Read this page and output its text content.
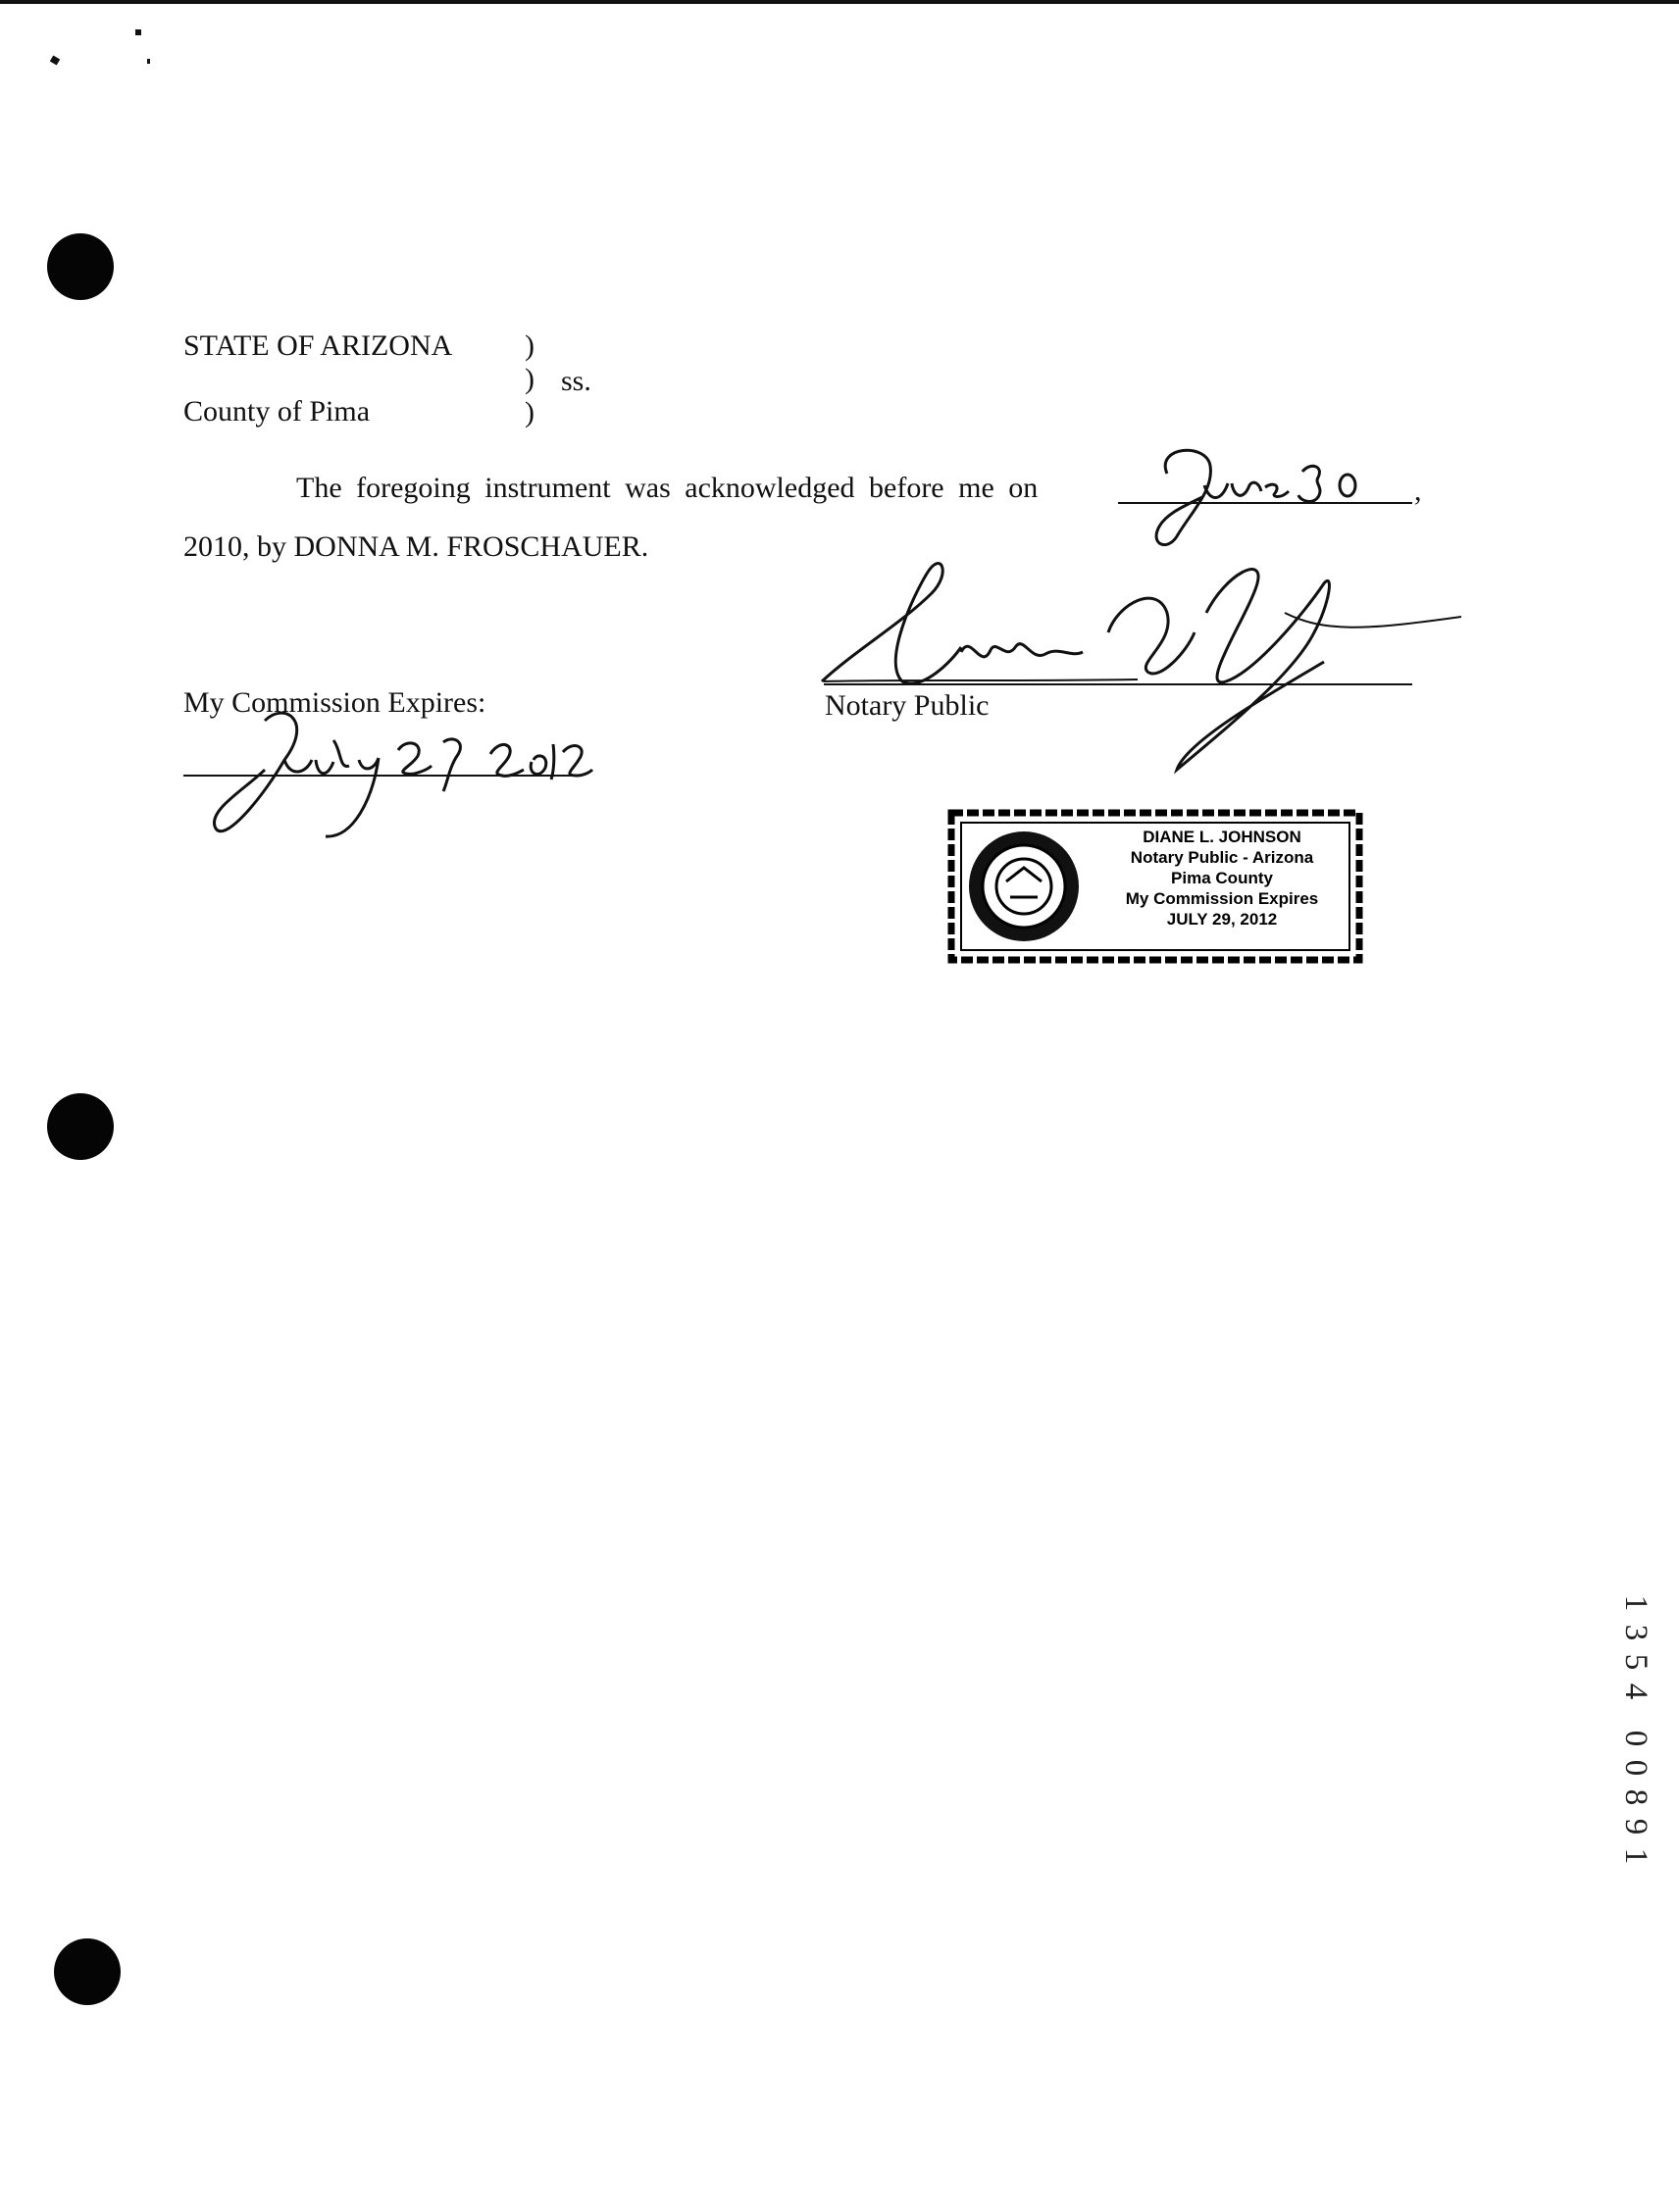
STATE OF ARIZONA
County of Pima
)
)
)
ss.
The foregoing instrument was acknowledged before me on	,
2010, by DONNA M. FROSCHAUER.
Notary Public
My Commission Expires:
DIANE L. JOHNSON
Notary Public - Arizona
Pima County
My Commission Expires
JULY 29, 2012
1
3
5
4
0
0
8
9
1
